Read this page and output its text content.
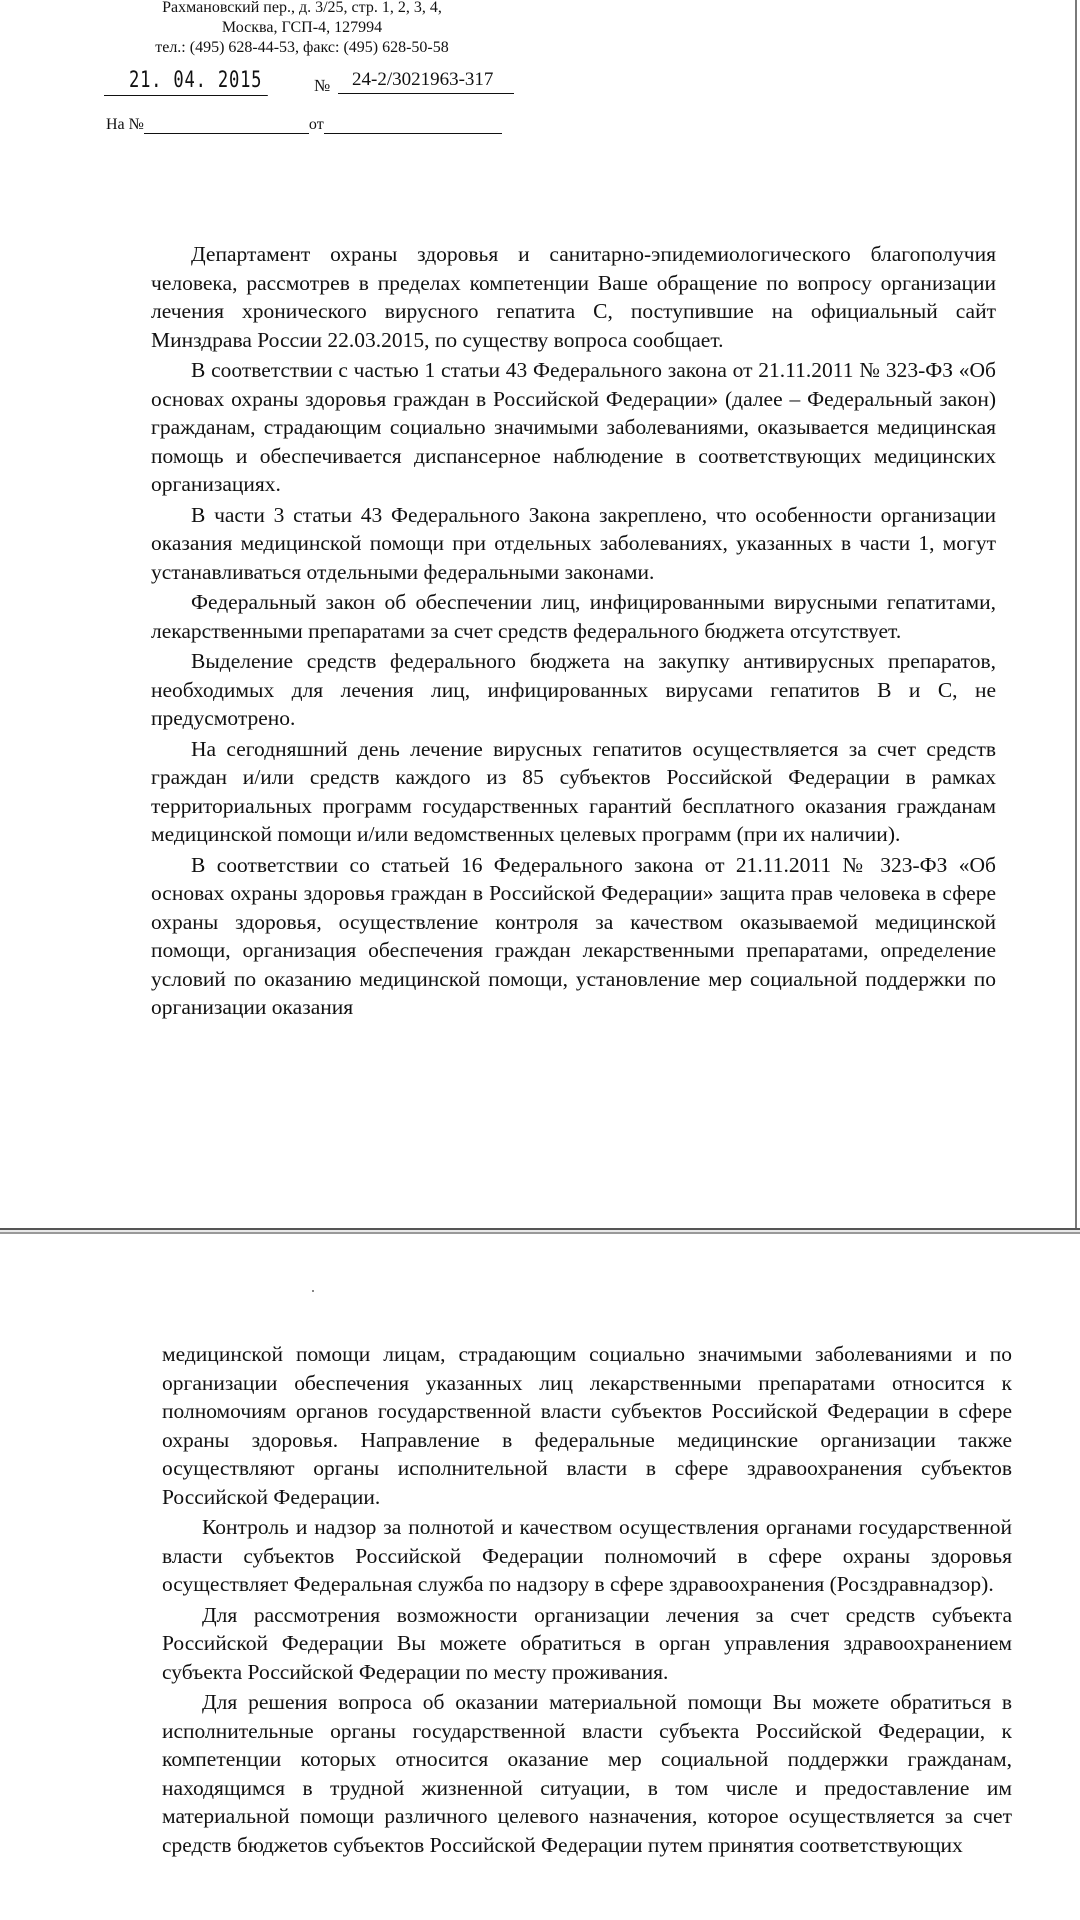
Рахмановский пер., д. 3/25, стр. 1, 2, 3, 4,
Москва, ГСП-4, 127994
тел.: (495) 628-44-53, факс: (495) 628-50-58
21. 04. 2015	№	24-2/3021963-317
На №	от

Департамент охраны здоровья и санитарно-эпидемиологического благополучия человека, рассмотрев в пределах компетенции Ваше обращение по вопросу организации лечения хронического вирусного гепатита С, поступившие на официальный сайт Минздрава России 22.03.2015, по существу вопроса сообщает.

В соответствии с частью 1 статьи 43 Федерального закона от 21.11.2011 № 323-ФЗ «Об основах охраны здоровья граждан в Российской Федерации» (далее – Федеральный закон) гражданам, страдающим социально значимыми заболеваниями, оказывается медицинская помощь и обеспечивается диспансерное наблюдение в соответствующих медицинских организациях.

В части 3 статьи 43 Федерального Закона закреплено, что особенности организации оказания медицинской помощи при отдельных заболеваниях, указанных в части 1, могут устанавливаться отдельными федеральными законами.

Федеральный закон об обеспечении лиц, инфицированными вирусными гепатитами, лекарственными препаратами за счет средств федерального бюджета отсутствует.

Выделение средств федерального бюджета на закупку антивирусных препаратов, необходимых для лечения лиц, инфицированных вирусами гепатитов В и С, не предусмотрено.

На сегодняшний день лечение вирусных гепатитов осуществляется за счет средств граждан и/или средств каждого из 85 субъектов Российской Федерации в рамках территориальных программ государственных гарантий бесплатного оказания гражданам медицинской помощи и/или ведомственных целевых программ (при их наличии).

В соответствии со статьей 16 Федерального закона от 21.11.2011 № 323-ФЗ «Об основах охраны здоровья граждан в Российской Федерации» защита прав человека в сфере охраны здоровья, осуществление контроля за качеством оказываемой медицинской помощи, организация обеспечения граждан лекарственными препаратами, определение условий по оказанию медицинской помощи, установление мер социальной поддержки по организации оказания

медицинской помощи лицам, страдающим социально значимыми заболеваниями и по организации обеспечения указанных лиц лекарственными препаратами относится к полномочиям органов государственной власти субъектов Российской Федерации в сфере охраны здоровья. Направление в федеральные медицинские организации также осуществляют органы исполнительной власти в сфере здравоохранения субъектов Российской Федерации.

Контроль и надзор за полнотой и качеством осуществления органами государственной власти субъектов Российской Федерации полномочий в сфере охраны здоровья осуществляет Федеральная служба по надзору в сфере здравоохранения (Росздравнадзор).

Для рассмотрения возможности организации лечения за счет средств субъекта Российской Федерации Вы можете обратиться в орган управления здравоохранением субъекта Российской Федерации по месту проживания.

Для решения вопроса об оказании материальной помощи Вы можете обратиться в исполнительные органы государственной власти субъекта Российской Федерации, к компетенции которых относится оказание мер социальной поддержки гражданам, находящимся в трудной жизненной ситуации, в том числе и предоставление им материальной помощи различного целевого назначения, которое осуществляется за счет средств бюджетов субъектов Российской Федерации путем принятия соответствующих
